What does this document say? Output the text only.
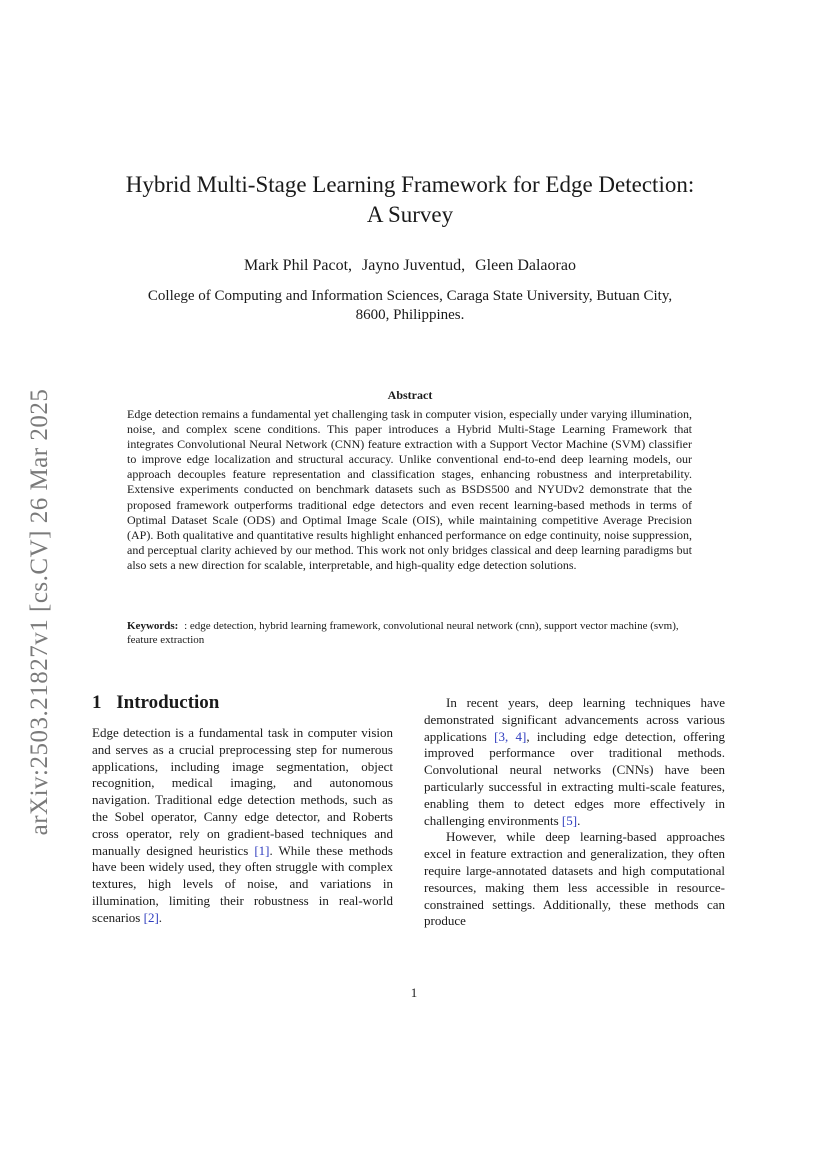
arXiv:2503.21827v1 [cs.CV] 26 Mar 2025
Hybrid Multi-Stage Learning Framework for Edge Detection:
A Survey
Mark Phil Pacot, Jayno Juventud, Gleen Dalaorao
College of Computing and Information Sciences, Caraga State University, Butuan City,
8600, Philippines.
Abstract
Edge detection remains a fundamental yet challenging task in computer vision, especially under varying illumination, noise, and complex scene conditions. This paper introduces a Hybrid Multi-Stage Learning Framework that integrates Convolutional Neural Network (CNN) feature extraction with a Support Vector Machine (SVM) classifier to improve edge localization and structural accuracy. Unlike conventional end-to-end deep learning models, our approach decouples feature representation and classification stages, enhancing robustness and interpretability. Extensive experiments conducted on benchmark datasets such as BSDS500 and NYUDv2 demonstrate that the proposed framework outperforms traditional edge detectors and even recent learning-based methods in terms of Optimal Dataset Scale (ODS) and Optimal Image Scale (OIS), while maintaining competitive Average Precision (AP). Both qualitative and quantitative results highlight enhanced performance on edge continuity, noise suppression, and perceptual clarity achieved by our method. This work not only bridges classical and deep learning paradigms but also sets a new direction for scalable, interpretable, and high-quality edge detection solutions.
Keywords: : edge detection, hybrid learning framework, convolutional neural network (cnn), support vector machine (svm), feature extraction
1 Introduction

Edge detection is a fundamental task in computer vision and serves as a crucial preprocessing step for numerous applications, including image segmentation, object recognition, medical imaging, and autonomous navigation. Traditional edge detection methods, such as the Sobel operator, Canny edge detector, and Roberts cross operator, rely on gradient-based techniques and manually designed heuristics [1]. While these methods have been widely used, they often struggle with complex textures, high levels of noise, and variations in illumination, limiting their robustness in real-world scenarios [2].

In recent years, deep learning techniques have demonstrated significant advancements across various applications [3, 4], including edge detection, offering improved performance over traditional methods. Convolutional neural networks (CNNs) have been particularly successful in extracting multi-scale features, enabling them to detect edges more effectively in challenging environments [5].

However, while deep learning-based approaches excel in feature extraction and generalization, they often require large-annotated datasets and high computational resources, making them less accessible in resource-constrained settings. Additionally, these methods can produce

1
